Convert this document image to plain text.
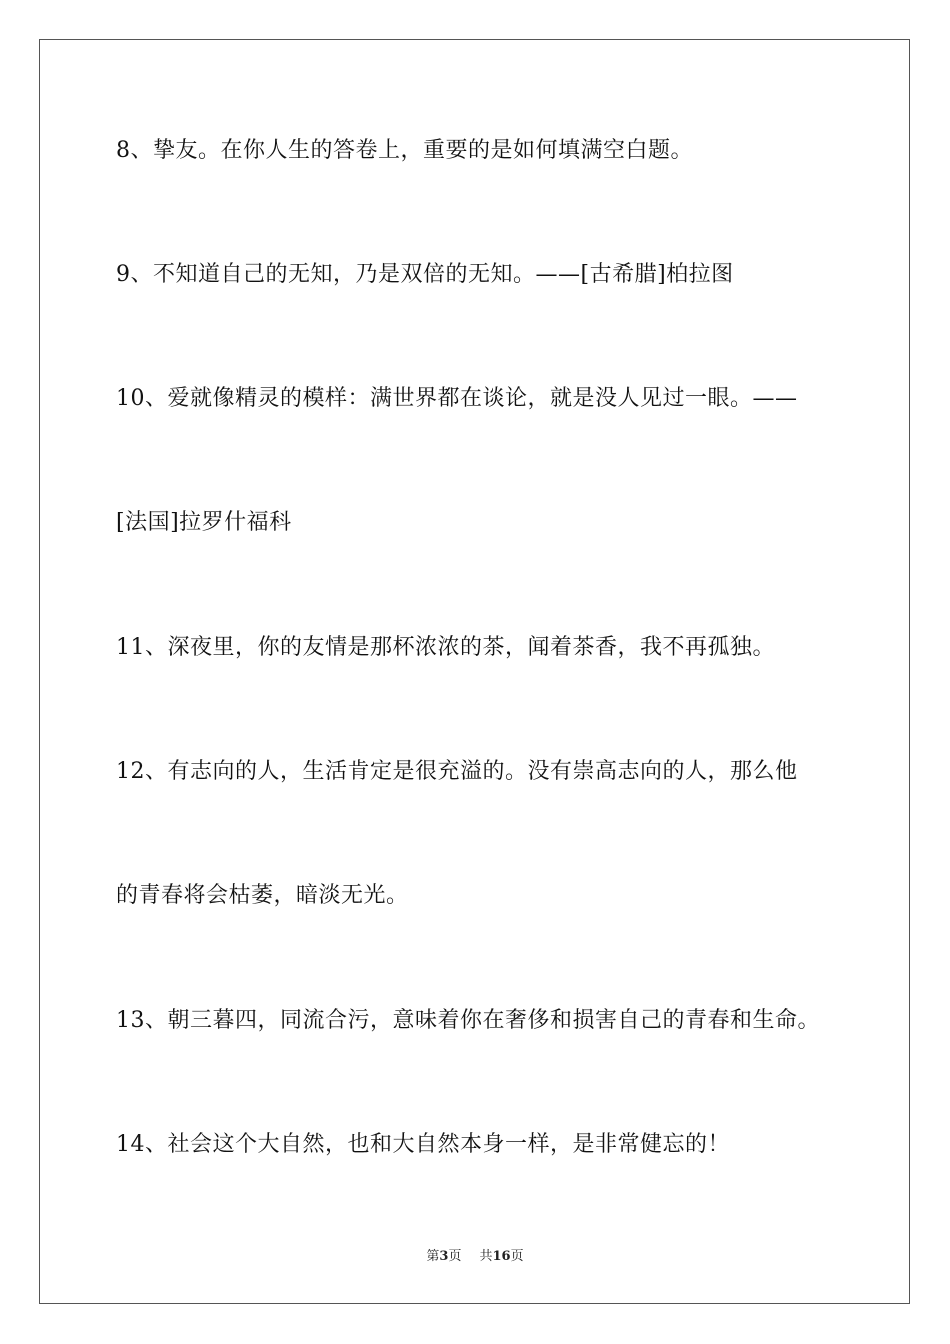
8、挚友。在你人生的答卷上，重要的是如何填满空白题。
9、不知道自己的无知，乃是双倍的无知。——[古希腊]柏拉图
10、爱就像精灵的模样：满世界都在谈论，就是没人见过一眼。——
[法国]拉罗什福科
11、深夜里，你的友情是那杯浓浓的茶，闻着茶香，我不再孤独。
12、有志向的人，生活肯定是很充溢的。没有崇高志向的人，那么他
的青春将会枯萎，暗淡无光。
13、朝三暮四，同流合污，意味着你在奢侈和损害自己的青春和生命。
14、社会这个大自然，也和大自然本身一样，是非常健忘的！
第3页 共16页
